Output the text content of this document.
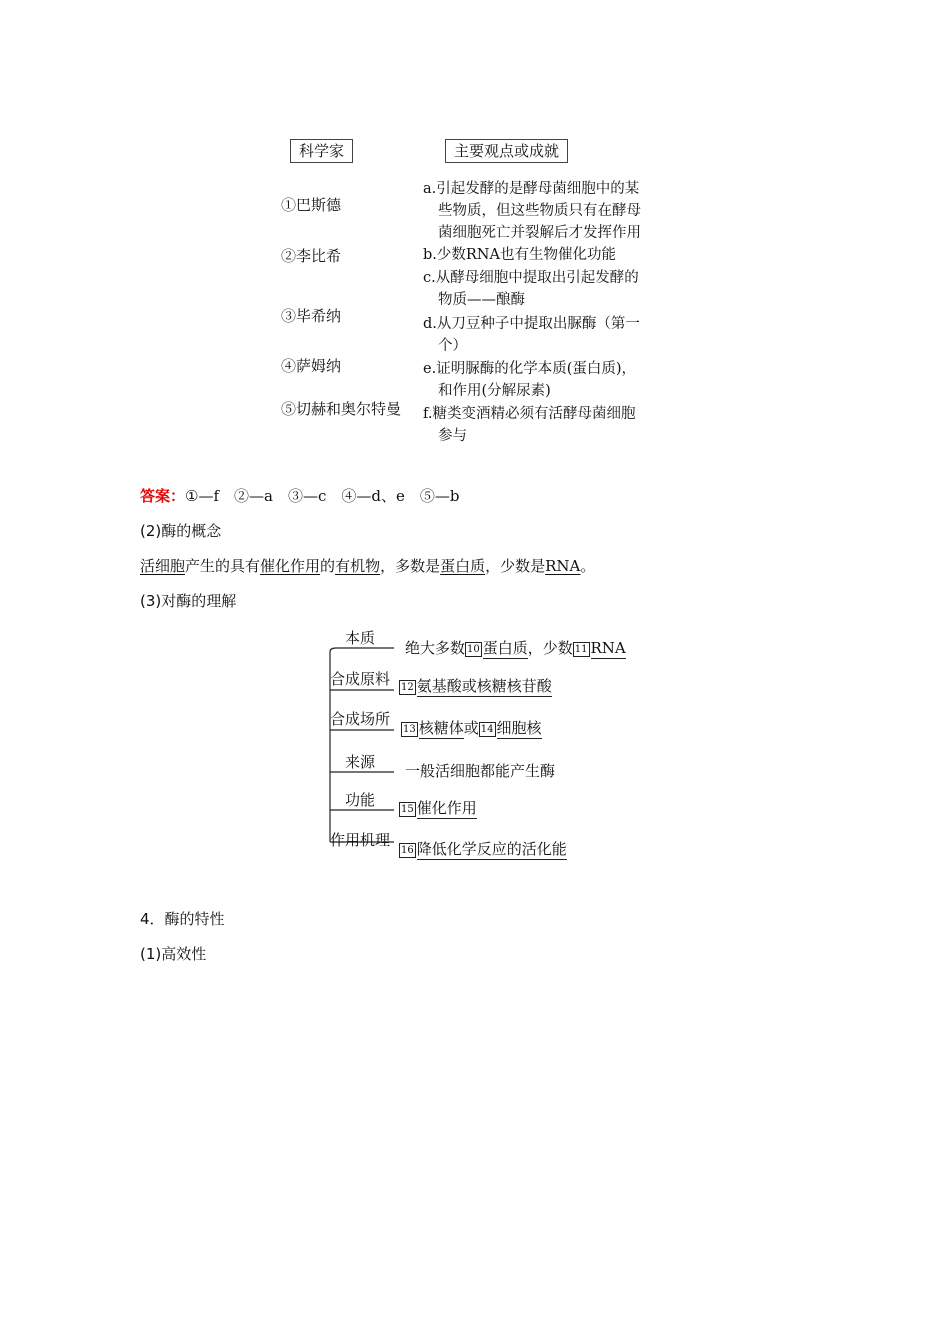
科学家	主要观点或成就
①巴斯德
②李比希
③毕希纳
④萨姆纳
⑤切赫和奥尔特曼
a.引起发酵的是酵母菌细胞中的某
些物质，但这些物质只有在酵母
菌细胞死亡并裂解后才发挥作用
b.少数RNA也有生物催化功能
c.从酵母细胞中提取出引起发酵的
物质——酿酶
d.从刀豆种子中提取出脲酶（第一
个）
e.证明脲酶的化学本质(蛋白质)，
和作用(分解尿素)
f.糖类变酒精必须有活酵母菌细胞
参与
答案：①—f　②—a　③—c　④—d、e　⑤—b
(2)酶的概念
活细胞产生的具有催化作用的有机物，多数是蛋白质，少数是RNA。
(3)对酶的理解
本质
合成原料
合成场所
来源
功能
作用机理
绝大多数 10 蛋白质，少数 11 RNA
12 氨基酸或核糖核苷酸
13 核糖体或 14 细胞核
一般活细胞都能产生酶
15 催化作用
16 降低化学反应的活化能
4．酶的特性
(1)高效性
